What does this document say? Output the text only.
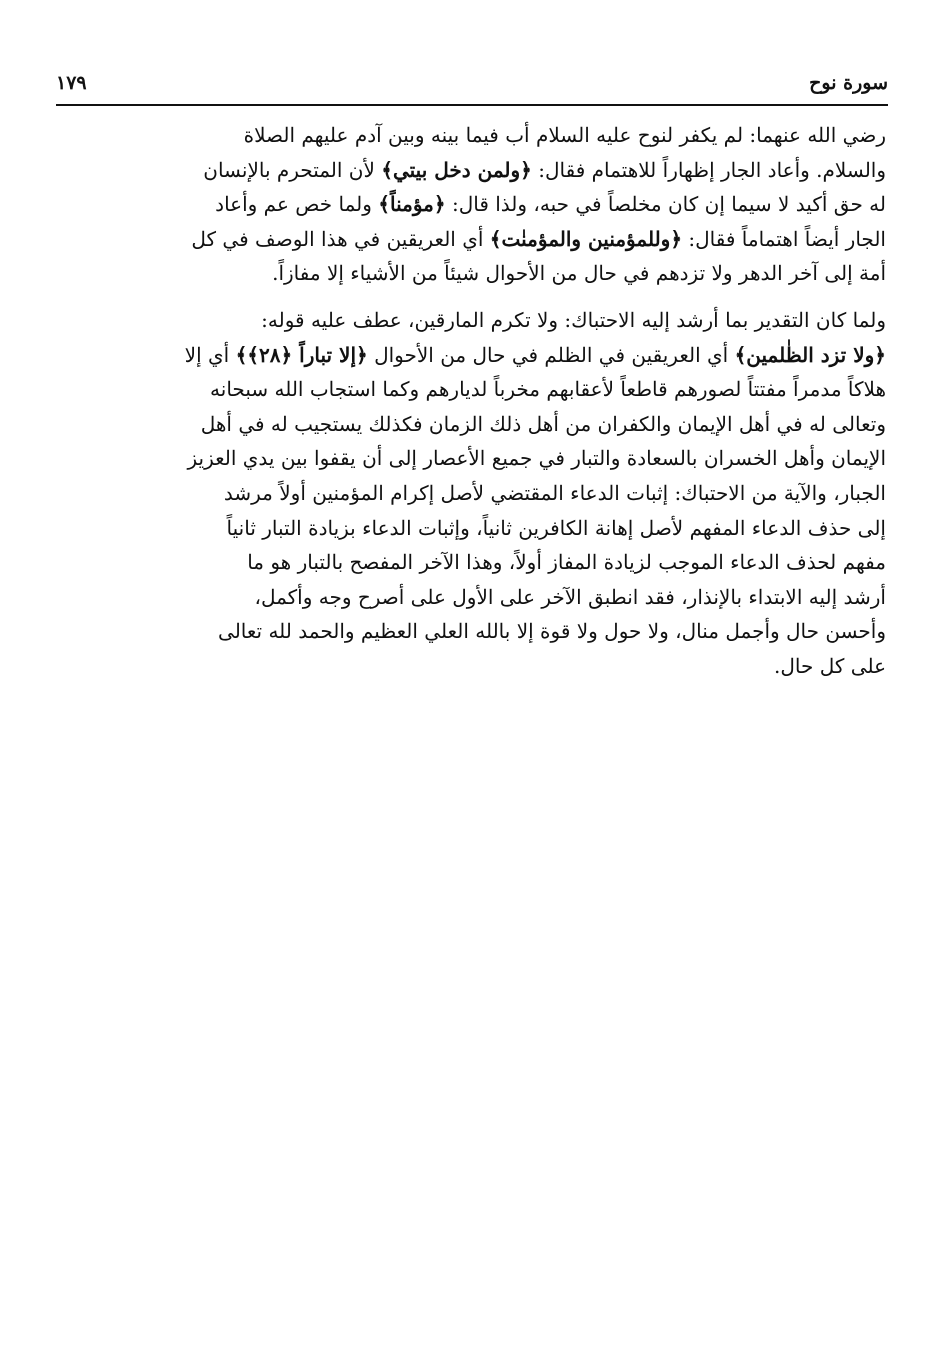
سورة نوح
١٧٩
رضي الله عنهما: لم يكفر لنوح عليه السلام أب فيما بينه وبين آدم عليهم الصلاة
والسلام. وأعاد الجار إظهاراً للاهتمام فقال: ﴿ولمن دخل بيتي﴾ لأن المتحرم بالإنسان
له حق أكيد لا سيما إن كان مخلصاً في حبه، ولذا قال: ﴿مؤمناً﴾ ولما خص عم وأعاد
الجار أيضاً اهتماماً فقال: ﴿وللمؤمنين والمؤمنٰت﴾ أي العريقين في هذا الوصف في كل
أمة إلى آخر الدهر ولا تزدهم في حال من الأحوال شيئاً من الأشياء إلا مفازاً.
ولما كان التقدير بما أرشد إليه الاحتباك: ولا تكرم المارقين، عطف عليه قوله:
﴿ولا تزد الظٰلمين﴾ أي العريقين في الظلم في حال من الأحوال ﴿إلا تباراً ﴿٢٨﴾﴾ أي إلا
هلاكاً مدمراً مفتتاً لصورهم قاطعاً لأعقابهم مخرباً لديارهم وكما استجاب الله سبحانه
وتعالى له في أهل الإيمان والكفران من أهل ذلك الزمان فكذلك يستجيب له في أهل
الإيمان وأهل الخسران بالسعادة والتبار في جميع الأعصار إلى أن يقفوا بين يدي العزيز
الجبار، والآية من الاحتباك: إثبات الدعاء المقتضي لأصل إكرام المؤمنين أولاً مرشد
إلى حذف الدعاء المفهم لأصل إهانة الكافرين ثانياً، وإثبات الدعاء بزيادة التبار ثانياً
مفهم لحذف الدعاء الموجب لزيادة المفاز أولاً، وهذا الآخر المفصح بالتبار هو ما
أرشد إليه الابتداء بالإنذار، فقد انطبق الآخر على الأول على أصرح وجه وأكمل،
وأحسن حال وأجمل منال، ولا حول ولا قوة إلا بالله العلي العظيم والحمد لله تعالى
على كل حال.
